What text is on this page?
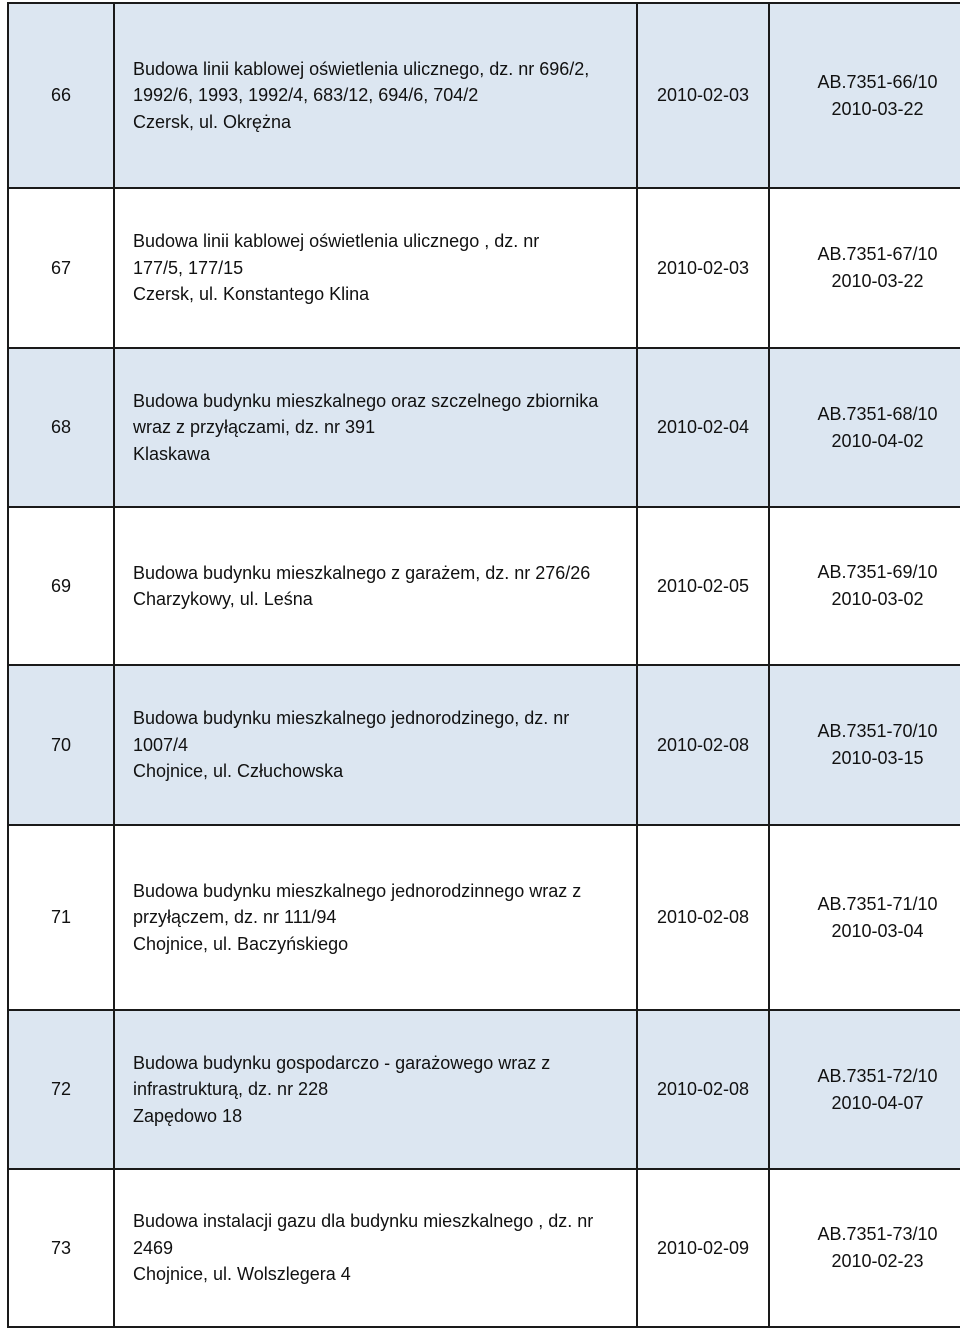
66	Budowa linii kablowej oświetlenia ulicznego, dz. nr 696/2,
1992/6, 1993, 1992/4, 683/12, 694/6, 704/2
Czersk, ul. Okrężna	2010-02-03	AB.7351-66/10
2010-03-22

67	Budowa linii kablowej oświetlenia ulicznego , dz. nr
177/5, 177/15
Czersk, ul. Konstantego Klina	2010-02-03	AB.7351-67/10
2010-03-22

68	Budowa budynku mieszkalnego oraz szczelnego zbiornika
wraz z przyłączami, dz. nr 391
Klaskawa	2010-02-04	AB.7351-68/10
2010-04-02

69	Budowa budynku mieszkalnego z garażem, dz. nr 276/26
Charzykowy, ul. Leśna	2010-02-05	AB.7351-69/10
2010-03-02

70	Budowa budynku mieszkalnego jednorodzinego, dz. nr
1007/4
Chojnice, ul. Człuchowska	2010-02-08	AB.7351-70/10
2010-03-15

71	Budowa budynku mieszkalnego jednorodzinnego wraz z
przyłączem, dz. nr 111/94
Chojnice, ul. Baczyńskiego	2010-02-08	AB.7351-71/10
2010-03-04

72	Budowa budynku gospodarczo - garażowego wraz z
infrastrukturą, dz. nr 228
Zapędowo 18	2010-02-08	AB.7351-72/10
2010-04-07

73	Budowa instalacji gazu dla budynku mieszkalnego , dz. nr
2469
Chojnice, ul. Wolszlegera 4	2010-02-09	AB.7351-73/10
2010-02-23
